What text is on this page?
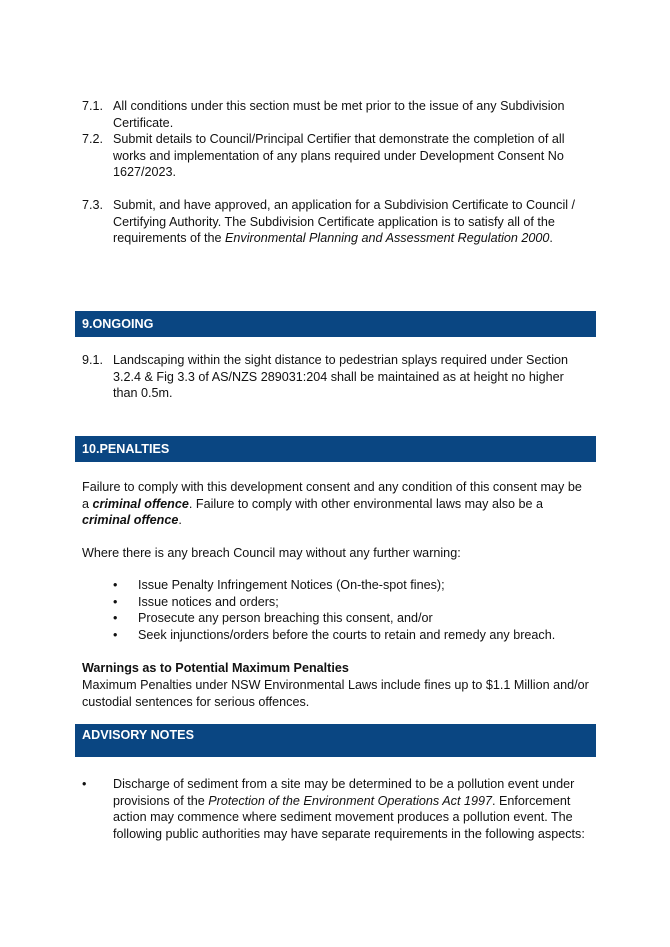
7.1. All conditions under this section must be met prior to the issue of any Subdivision Certificate.
7.2. Submit details to Council/Principal Certifier that demonstrate the completion of all works and implementation of any plans required under Development Consent No 1627/2023.
7.3. Submit, and have approved, an application for a Subdivision Certificate to Council / Certifying Authority. The Subdivision Certificate application is to satisfy all of the requirements of the Environmental Planning and Assessment Regulation 2000.
9.ONGOING
9.1. Landscaping within the sight distance to pedestrian splays required under Section 3.2.4 & Fig 3.3 of AS/NZS 289031:204 shall be maintained as at height no higher than 0.5m.
10.PENALTIES
Failure to comply with this development consent and any condition of this consent may be a criminal offence. Failure to comply with other environmental laws may also be a criminal offence.
Where there is any breach Council may without any further warning:
• Issue Penalty Infringement Notices (On-the-spot fines);
• Issue notices and orders;
• Prosecute any person breaching this consent, and/or
• Seek injunctions/orders before the courts to retain and remedy any breach.
Warnings as to Potential Maximum Penalties
Maximum Penalties under NSW Environmental Laws include fines up to $1.1 Million and/or custodial sentences for serious offences.
ADVISORY NOTES
• Discharge of sediment from a site may be determined to be a pollution event under provisions of the Protection of the Environment Operations Act 1997. Enforcement action may commence where sediment movement produces a pollution event. The following public authorities may have separate requirements in the following aspects:
